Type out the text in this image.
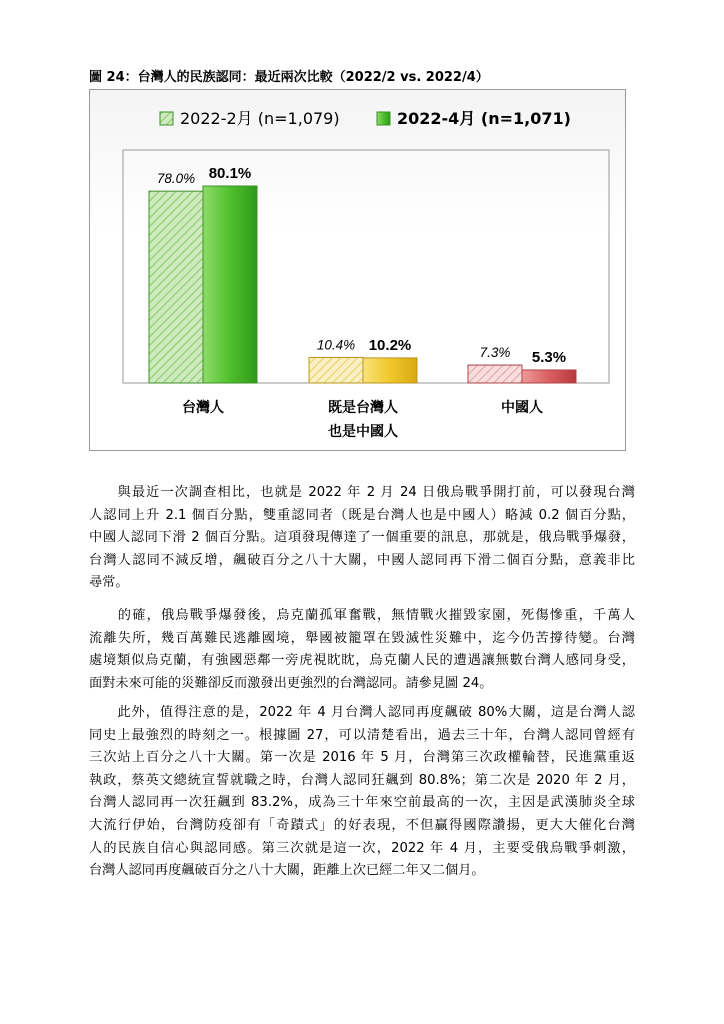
圖 24：台灣人的民族認同：最近兩次比較（2022/2 vs. 2022/4）
2022-2月 (n=1,079)	2022-4月 (n=1,071)
78.0% 80.1%
10.4% 10.2%	7.3% 5.3%
台灣人	既是台灣人
也是中國人
中國人
　　與最近一次調查相比，也就是 2022 年 2 月 24 日俄烏戰爭開打前，可以發現台灣
人認同上升 2.1 個百分點，雙重認同者（既是台灣人也是中國人）略減 0.2 個百分點，
中國人認同下滑 2 個百分點。這項發現傳達了一個重要的訊息，那就是，俄烏戰爭爆發，
台灣人認同不減反增，飆破百分之八十大關，中國人認同再下滑二個百分點，意義非比
尋常。
　　的確，俄烏戰爭爆發後，烏克蘭孤軍奮戰，無情戰火摧毀家園，死傷慘重，千萬人
流離失所，幾百萬難民逃離國境，舉國被籠罩在毀滅性災難中，迄今仍苦撐待變。台灣
處境類似烏克蘭，有強國惡鄰一旁虎視眈眈，烏克蘭人民的遭遇讓無數台灣人感同身受，
面對未來可能的災難卻反而激發出更強烈的台灣認同。請參見圖 24。
　　此外，值得注意的是，2022 年 4 月台灣人認同再度飆破 80%大關，這是台灣人認
同史上最強烈的時刻之一。根據圖 27，可以清楚看出，過去三十年，台灣人認同曾經有
三次站上百分之八十大關。第一次是 2016 年 5 月，台灣第三次政權輪替，民進黨重返
執政，蔡英文總統宣誓就職之時，台灣人認同狂飆到 80.8%；第二次是 2020 年 2 月，
台灣人認同再一次狂飆到 83.2%，成為三十年來空前最高的一次，主因是武漢肺炎全球
大流行伊始，台灣防疫卻有「奇蹟式」的好表現，不但贏得國際讚揚，更大大催化台灣
人的民族自信心與認同感。第三次就是這一次，2022 年 4 月，主要受俄烏戰爭刺激，
台灣人認同再度飆破百分之八十大關，距離上次已經二年又二個月。
